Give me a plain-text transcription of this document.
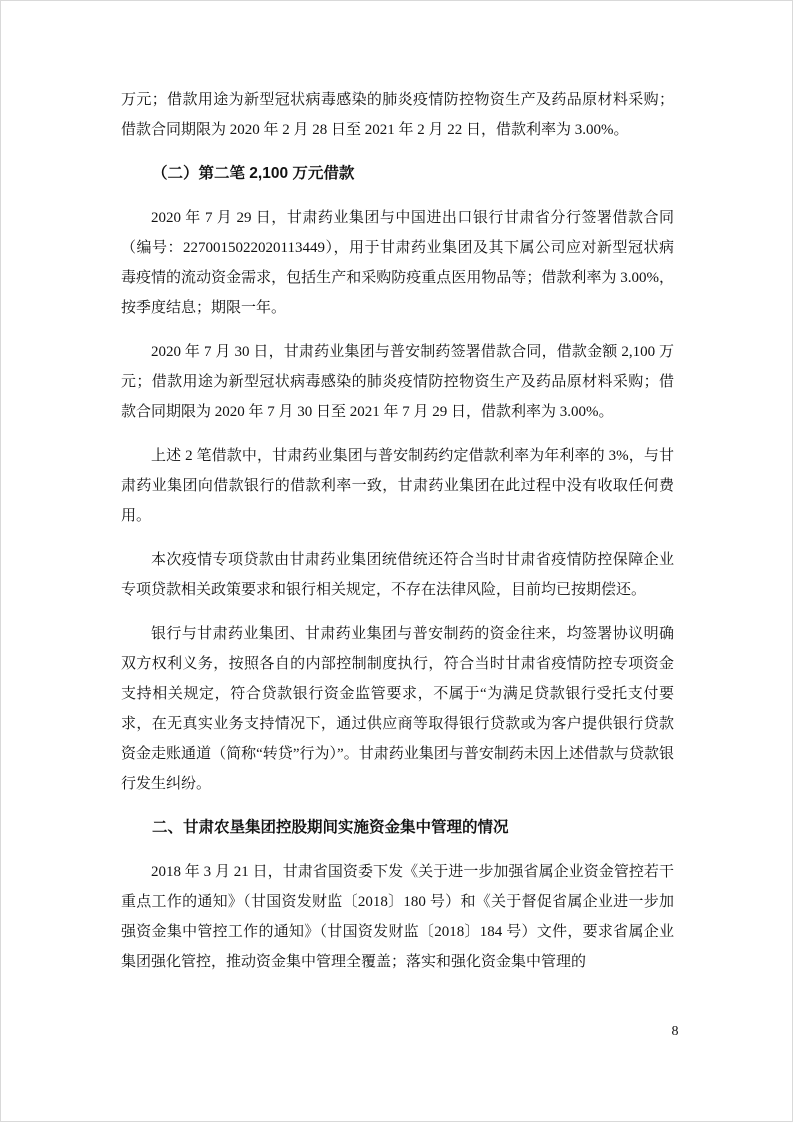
万元；借款用途为新型冠状病毒感染的肺炎疫情防控物资生产及药品原材料采购；借款合同期限为 2020 年 2 月 28 日至 2021 年 2 月 22 日，借款利率为 3.00%。

（二）第二笔 2,100 万元借款

2020 年 7 月 29 日，甘肃药业集团与中国进出口银行甘肃省分行签署借款合同（编号：2270015022020113449），用于甘肃药业集团及其下属公司应对新型冠状病毒疫情的流动资金需求，包括生产和采购防疫重点医用物品等；借款利率为 3.00%，按季度结息；期限一年。

2020 年 7 月 30 日，甘肃药业集团与普安制药签署借款合同，借款金额 2,100 万元；借款用途为新型冠状病毒感染的肺炎疫情防控物资生产及药品原材料采购；借款合同期限为 2020 年 7 月 30 日至 2021 年 7 月 29 日，借款利率为 3.00%。

上述 2 笔借款中，甘肃药业集团与普安制药约定借款利率为年利率的 3%，与甘肃药业集团向借款银行的借款利率一致，甘肃药业集团在此过程中没有收取任何费用。

本次疫情专项贷款由甘肃药业集团统借统还符合当时甘肃省疫情防控保障企业专项贷款相关政策要求和银行相关规定，不存在法律风险，目前均已按期偿还。

银行与甘肃药业集团、甘肃药业集团与普安制药的资金往来，均签署协议明确双方权利义务，按照各自的内部控制制度执行，符合当时甘肃省疫情防控专项资金支持相关规定，符合贷款银行资金监管要求，不属于“为满足贷款银行受托支付要求，在无真实业务支持情况下，通过供应商等取得银行贷款或为客户提供银行贷款资金走账通道（简称“转贷”行为）”。甘肃药业集团与普安制药未因上述借款与贷款银行发生纠纷。

二、甘肃农垦集团控股期间实施资金集中管理的情况

2018 年 3 月 21 日，甘肃省国资委下发《关于进一步加强省属企业资金管控若干重点工作的通知》（甘国资发财监〔2018〕180 号）和《关于督促省属企业进一步加强资金集中管控工作的通知》（甘国资发财监〔2018〕184 号）文件，要求省属企业集团强化管控，推动资金集中管理全覆盖；落实和强化资金集中管理的

8
